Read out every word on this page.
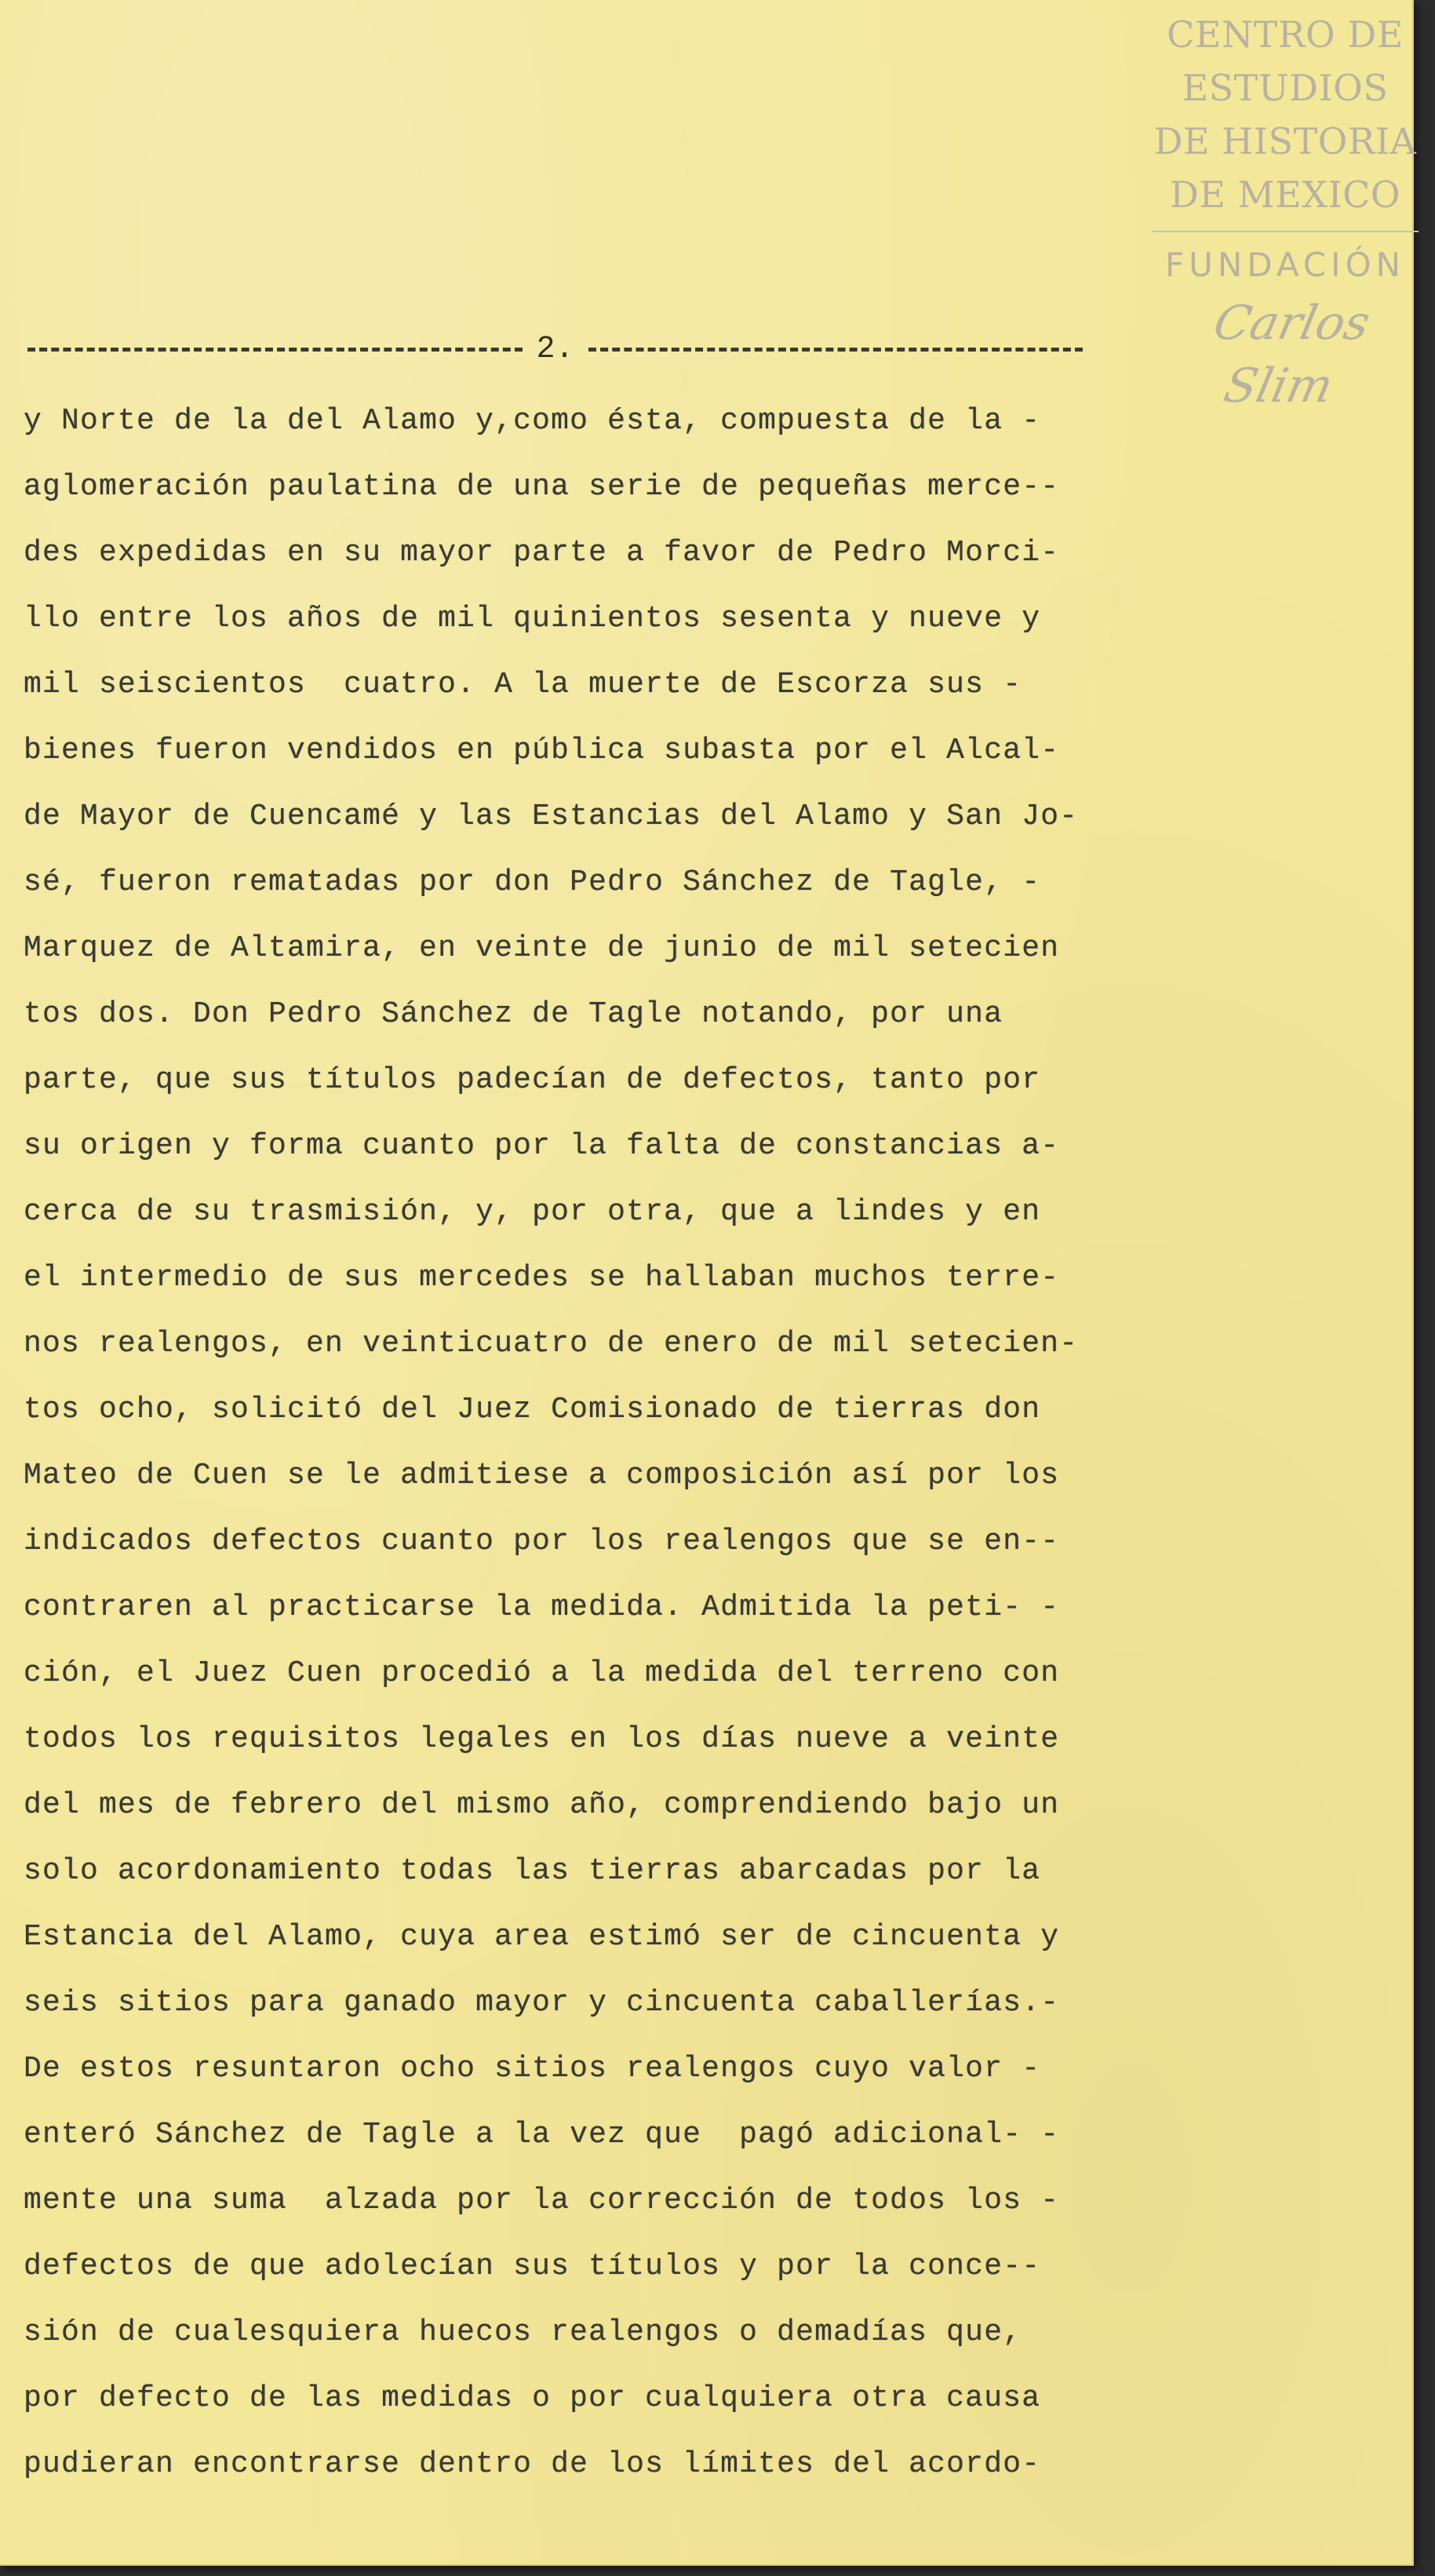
CENTRO DE
ESTUDIOS
DE HISTORIA
DE MEXICO
FUNDACIÓN
Carlos Slim
2.
y Norte de la del Alamo y,como ésta, compuesta de la -
aglomeración paulatina de una serie de pequeñas merce--
des expedidas en su mayor parte a favor de Pedro Morci-
llo entre los años de mil quinientos sesenta y nueve y
mil seiscientos  cuatro. A la muerte de Escorza sus -
bienes fueron vendidos en pública subasta por el Alcal-
de Mayor de Cuencamé y las Estancias del Alamo y San Jo-
sé, fueron rematadas por don Pedro Sánchez de Tagle, -
Marquez de Altamira, en veinte de junio de mil setecien
tos dos. Don Pedro Sánchez de Tagle notando, por una
parte, que sus títulos padecían de defectos, tanto por
su origen y forma cuanto por la falta de constancias a-
cerca de su trasmisión, y, por otra, que a lindes y en
el intermedio de sus mercedes se hallaban muchos terre-
nos realengos, en veinticuatro de enero de mil setecien-
tos ocho, solicitó del Juez Comisionado de tierras don
Mateo de Cuen se le admitiese a composición así por los
indicados defectos cuanto por los realengos que se en--
contraren al practicarse la medida. Admitida la peti- -
ción, el Juez Cuen procedió a la medida del terreno con
todos los requisitos legales en los días nueve a veinte
del mes de febrero del mismo año, comprendiendo bajo un
solo acordonamiento todas las tierras abarcadas por la
Estancia del Alamo, cuya area estimó ser de cincuenta y
seis sitios para ganado mayor y cincuenta caballerías.-
De estos resuntaron ocho sitios realengos cuyo valor -
enteró Sánchez de Tagle a la vez que  pagó adicional- -
mente una suma  alzada por la corrección de todos los -
defectos de que adolecían sus títulos y por la conce--
sión de cualesquiera huecos realengos o demadías que,
por defecto de las medidas o por cualquiera otra causa
pudieran encontrarse dentro de los límites del acordo-
